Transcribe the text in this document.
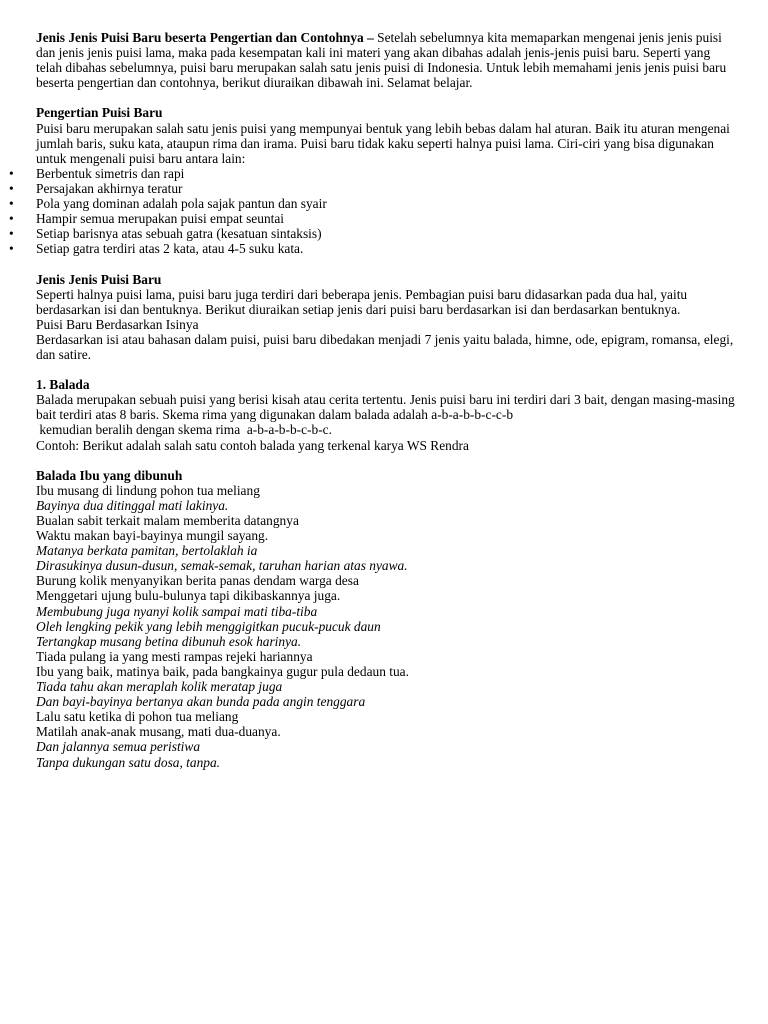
Jenis Jenis Puisi Baru beserta Pengertian dan Contohnya – Setelah sebelumnya kita memaparkan mengenai jenis jenis puisi dan jenis jenis puisi lama, maka pada kesempatan kali ini materi yang akan dibahas adalah jenis-jenis puisi baru. Seperti yang telah dibahas sebelumnya, puisi baru merupakan salah satu jenis puisi di Indonesia. Untuk lebih memahami jenis jenis puisi baru beserta pengertian dan contohnya, berikut diuraikan dibawah ini. Selamat belajar.

Pengertian Puisi Baru

Puisi baru merupakan salah satu jenis puisi yang mempunyai bentuk yang lebih bebas dalam hal aturan. Baik itu aturan mengenai jumlah baris, suku kata, ataupun rima dan irama. Puisi baru tidak kaku seperti halnya puisi lama. Ciri-ciri yang bisa digunakan untuk mengenali puisi baru antara lain:

• Berbentuk simetris dan rapi
• Persajakan akhirnya teratur
• Pola yang dominan adalah pola sajak pantun dan syair
• Hampir semua merupakan puisi empat seuntai
• Setiap barisnya atas sebuah gatra (kesatuan sintaksis)
• Setiap gatra terdiri atas 2 kata, atau 4-5 suku kata.

Jenis Jenis Puisi Baru

Seperti halnya puisi lama, puisi baru juga terdiri dari beberapa jenis. Pembagian puisi baru didasarkan pada dua hal, yaitu berdasarkan isi dan bentuknya. Berikut diuraikan setiap jenis dari puisi baru berdasarkan isi dan berdasarkan bentuknya.

Puisi Baru Berdasarkan Isinya

Berdasarkan isi atau bahasan dalam puisi, puisi baru dibedakan menjadi 7 jenis yaitu balada, himne, ode, epigram, romansa, elegi, dan satire.

1. Balada

Balada merupakan sebuah puisi yang berisi kisah atau cerita tertentu. Jenis puisi baru ini terdiri dari 3 bait, dengan masing-masing bait terdiri atas 8 baris. Skema rima yang digunakan dalam balada adalah a-b-a-b-b-c-c-b
kemudian beralih dengan skema rima  a-b-a-b-b-c-b-c.

Contoh: Berikut adalah salah satu contoh balada yang terkenal karya WS Rendra

Balada Ibu yang dibunuh

Ibu musang di lindung pohon tua meliang

Bayinya dua ditinggal mati lakinya.

Bualan sabit terkait malam memberita datangnya

Waktu makan bayi-bayinya mungil sayang.

Matanya berkata pamitan, bertolaklah ia

Dirasukinya dusun-dusun, semak-semak, taruhan harian atas nyawa.

Burung kolik menyanyikan berita panas dendam warga desa

Menggetari ujung bulu-bulunya tapi dikibaskannya juga.

Membubung juga nyanyi kolik sampai mati tiba-tiba

Oleh lengking pekik yang lebih menggigitkan pucuk-pucuk daun

Tertangkap musang betina dibunuh esok harinya.

Tiada pulang ia yang mesti rampas rejeki hariannya

Ibu yang baik, matinya baik, pada bangkainya gugur pula dedaun tua.

Tiada tahu akan meraplah kolik meratap juga

Dan bayi-bayinya bertanya akan bunda pada angin tenggara

Lalu satu ketika di pohon tua meliang

Matilah anak-anak musang, mati dua-duanya.

Dan jalannya semua peristiwa

Tanpa dukungan satu dosa, tanpa.
